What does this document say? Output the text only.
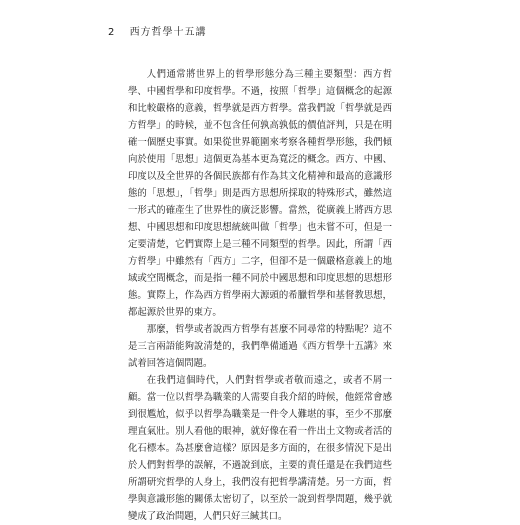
2 西方哲學十五講

人們通常將世界上的哲學形態分為三種主要類型：西方哲學、中國哲學和印度哲學。不過，按照「哲學」這個概念的起源和比較嚴格的意義，哲學就是西方哲學。當我們說「哲學就是西方哲學」的時候，並不包含任何孰高孰低的價值評判，只是在明確一個歷史事實。如果從世界範圍來考察各種哲學形態，我們傾向於使用「思想」這個更為基本更為寬泛的概念。西方、中國、印度以及全世界的各個民族都有作為其文化精神和最高的意識形態的「思想」，「哲學」則是西方思想所採取的特殊形式，雖然這一形式的確產生了世界性的廣泛影響。當然，從廣義上將西方思想、中國思想和印度思想統統叫做「哲學」也未嘗不可，但是一定要清楚，它們實際上是三種不同類型的哲學。因此，所謂「西方哲學」中雖然有「西方」二字，但卻不是一個嚴格意義上的地域或空間概念，而是指一種不同於中國思想和印度思想的思想形態。實際上，作為西方哲學兩大源頭的希臘哲學和基督教思想，都起源於世界的東方。

那麼，哲學或者說西方哲學有甚麼不同尋常的特點呢？這不是三言兩語能夠說清楚的，我們準備通過《西方哲學十五講》來試着回答這個問題。

在我們這個時代，人們對哲學或者敬而遠之，或者不屑一顧。當一位以哲學為職業的人需要自我介紹的時候，他經常會感到很尷尬，似乎以哲學為職業是一件令人難堪的事，至少不那麼理直氣壯。別人看他的眼神，就好像在看一件出土文物或者活的化石標本。為甚麼會這樣？原因是多方面的，在很多情況下是出於人們對哲學的誤解，不過說到底，主要的責任還是在我們這些所謂研究哲學的人身上，我們沒有把哲學講清楚。另一方面，哲學與意識形態的關係太密切了，以至於一說到哲學問題，幾乎就變成了政治問題，人們只好三緘其口。
